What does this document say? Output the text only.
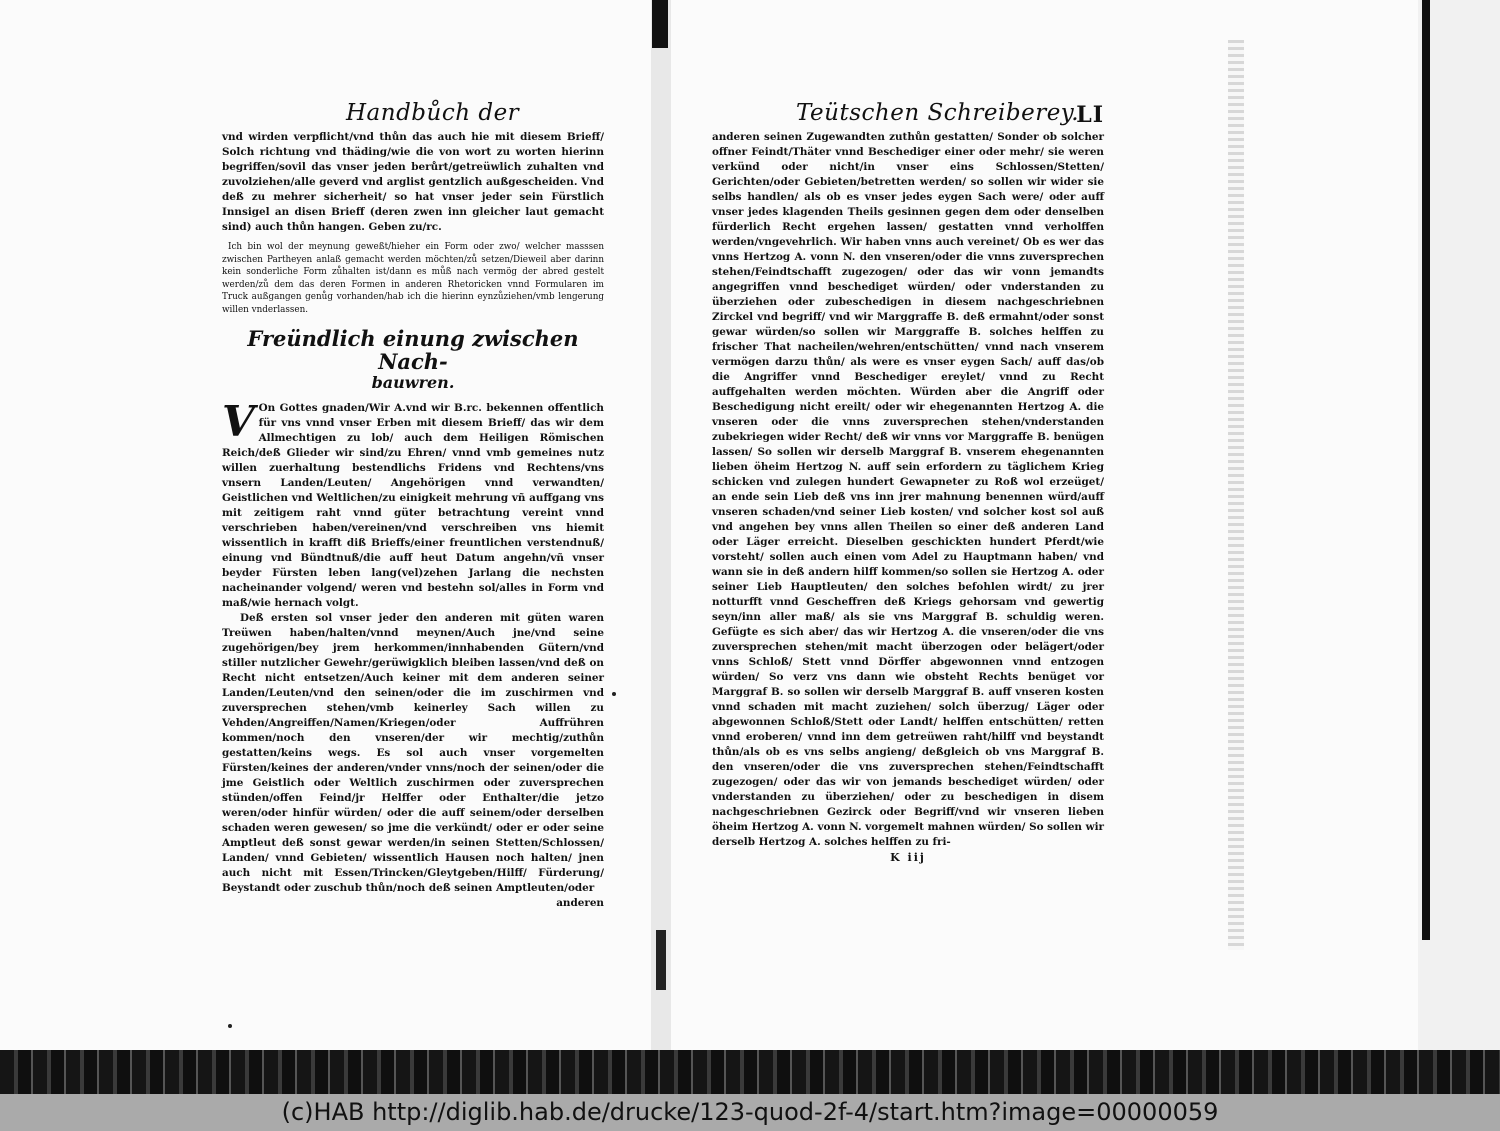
Handbůch der

vnd wirden verpflicht/vnd thůn das auch hie mit diesem Brieff/ Solch richtung vnd thäding/wie die von wort zu worten hierinn begriffen/sovil das vnser jeden berůrt/getreüwlich zuhalten vnd zuvolziehen/alle geverd vnd arglist gentzlich außgescheiden. Vnd deß zu mehrer sicherheit/ so hat vnser jeder sein Fürstlich Innsigel an disen Brieff (deren zwen inn gleicher laut gemacht sind) auch thůn hangen. Geben zu/rc.

Ich bin wol der meynung geweßt/hieher ein Form oder zwo/ welcher masssen zwischen Partheyen anlaß gemacht werden möchten/zů setzen/Dieweil aber darinn kein sonderliche Form zůhalten ist/dann es můß nach vermög der abred gestelt werden/zů dem das deren Formen in anderen Rhetoricken vnnd Formularen im Truck außgangen genůg vorhanden/hab ich die hierinn eynzůziehen/vmb lengerung willen vnderlassen.

Freündlich einung zwischen Nach-
bauwren.

V On Gottes gnaden/Wir A.vnd wir B.rc. bekennen offentlich für vns vnnd vnser Erben mit diesem Brieff/ das wir dem Allmechtigen zu lob/ auch dem Heiligen Römischen Reich/deß Glieder wir sind/zu Ehren/ vnnd vmb gemeines nutz willen zuerhaltung bestendlichs Fridens vnd Rechtens/vns vnsern Landen/Leuten/ Angehörigen vnnd verwandten/ Geistlichen vnd Weltlichen/zu einigkeit mehrung vñ auffgang vns mit zeitigem raht vnnd güter betrachtung vereint vnnd verschrieben haben/vereinen/vnd verschreiben vns hiemit wissentlich in krafft diß Brieffs/einer freuntlichen verstendnuß/ einung vnd Bündtnuß/die auff heut Datum angehn/vñ vnser beyder Fürsten leben lang(vel)zehen Jarlang die nechsten nacheinander volgend/ weren vnd bestehn sol/alles in Form vnd maß/wie hernach volgt.

Deß ersten sol vnser jeder den anderen mit güten waren Treüwen haben/halten/vnnd meynen/Auch jne/vnd seine zugehörigen/bey jrem herkommen/innhabenden Gütern/vnd stiller nutzlicher Gewehr/gerüwigklich bleiben lassen/vnd deß on Recht nicht entsetzen/Auch keiner mit dem anderen seiner Landen/Leuten/vnd den seinen/oder die im zuschirmen vnd zuversprechen stehen/vmb keinerley Sach willen zu Vehden/Angreiffen/Namen/Kriegen/oder Auffrühren kommen/noch den vnseren/der wir mechtig/zuthůn gestatten/keins wegs. Es sol auch vnser vorgemelten Fürsten/keines der anderen/vnder vnns/noch der seinen/oder die jme Geistlich oder Weltlich zuschirmen oder zuversprechen stünden/offen Feind/jr Helffer oder Enthalter/die jetzo weren/oder hinfür würden/ oder die auff seinem/oder derselben schaden weren gewesen/ so jme die verkündt/ oder er oder seine Amptleut deß sonst gewar werden/in seinen Stetten/Schlossen/ Landen/ vnnd Gebieten/ wissentlich Hausen noch halten/ jnen auch nicht mit Essen/Trincken/Gleytgeben/Hilff/ Fürderung/ Beystandt oder zuschub thůn/noch deß seinen Amptleuten/oder

anderen

Teütschen Schreiberey.
LI

anderen seinen Zugewandten zuthůn gestatten/ Sonder ob solcher offner Feindt/Thäter vnnd Beschediger einer oder mehr/ sie weren verkünd oder nicht/in vnser eins Schlossen/Stetten/ Gerichten/oder Gebieten/betretten werden/ so sollen wir wider sie selbs handlen/ als ob es vnser jedes eygen Sach were/ oder auff vnser jedes klagenden Theils gesinnen gegen dem oder denselben fürderlich Recht ergehen lassen/ gestatten vnnd verholffen werden/vngevehrlich. Wir haben vnns auch vereinet/ Ob es wer das vnns Hertzog A. vonn N. den vnseren/oder die vnns zuversprechen stehen/Feindtschafft zugezogen/ oder das wir vonn jemandts angegriffen vnnd beschediget würden/ oder vnderstanden zu überziehen oder zubeschedigen in diesem nachgeschriebnen Zirckel vnd begriff/ vnd wir Marggraffe B. deß ermahnt/oder sonst gewar würden/so sollen wir Marggraffe B. solches helffen zu frischer That nacheilen/wehren/entschütten/ vnnd nach vnserem vermögen darzu thůn/ als were es vnser eygen Sach/ auff das/ob die Angriffer vnnd Beschediger ereylet/ vnnd zu Recht auffgehalten werden möchten. Würden aber die Angriff oder Beschedigung nicht ereilt/ oder wir ehegenannten Hertzog A. die vnseren oder die vnns zuversprechen stehen/vnderstanden zubekriegen wider Recht/ deß wir vnns vor Marggraffe B. benügen lassen/ So sollen wir derselb Marggraf B. vnserem ehegenannten lieben öheim Hertzog N. auff sein erfordern zu täglichem Krieg schicken vnd zulegen hundert Gewapneter zu Roß wol erzeüget/ an ende sein Lieb deß vns inn jrer mahnung benennen würd/auff vnseren schaden/vnd seiner Lieb kosten/ vnd solcher kost sol auß vnd angehen bey vnns allen Theilen so einer deß anderen Land oder Läger erreicht. Dieselben geschickten hundert Pferdt/wie vorsteht/ sollen auch einen vom Adel zu Hauptmann haben/ vnd wann sie in deß andern hilff kommen/so sollen sie Hertzog A. oder seiner Lieb Hauptleuten/ den solches befohlen wirdt/ zu jrer notturfft vnnd Gescheffren deß Kriegs gehorsam vnd gewertig seyn/inn aller maß/ als sie vns Marggraf B. schuldig weren. Gefügte es sich aber/ das wir Hertzog A. die vnseren/oder die vns zuversprechen stehen/mit macht überzogen oder belägert/oder vnns Schloß/ Stett vnnd Dörffer abgewonnen vnnd entzogen würden/ So verz vns dann wie obsteht Rechts benüget vor Marggraf B. so sollen wir derselb Marggraf B. auff vnseren kosten vnnd schaden mit macht zuziehen/ solch überzug/ Läger oder abgewonnen Schloß/Stett oder Landt/ helffen entschütten/ retten vnnd eroberen/ vnnd inn dem getreüwen raht/hilff vnd beystandt thůn/als ob es vns selbs angieng/ deßgleich ob vns Marggraf B. den vnseren/oder die vns zuversprechen stehen/Feindtschafft zugezogen/ oder das wir von jemands beschediget würden/ oder vnderstanden zu überziehen/ oder zu beschedigen in disem nachgeschriebnen Gezirck oder Begriff/vnd wir vnseren lieben öheim Hertzog A. vonn N. vorgemelt mahnen würden/ So sollen wir derselb Hertzog A. solches helffen zu fri-

K iij

(c)HAB http://diglib.hab.de/drucke/123-quod-2f-4/start.htm?image=00000059
